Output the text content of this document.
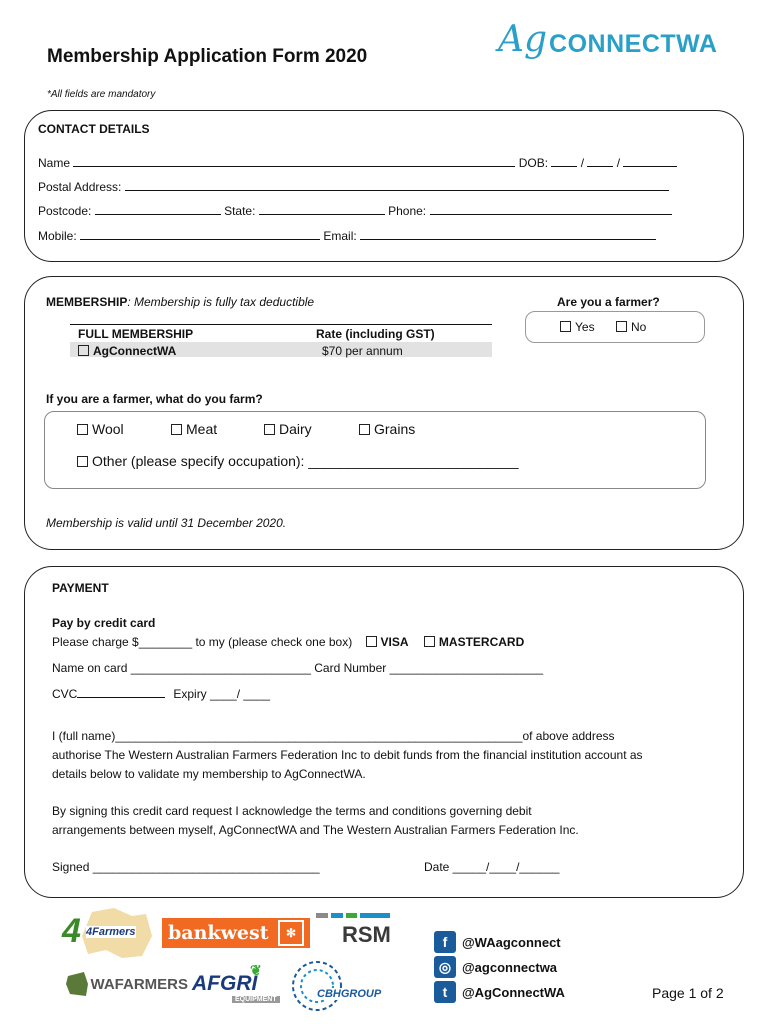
Membership Application Form 2020
*All fields are mandatory
Ag CONNECTWA
CONTACT DETAILS
Name	DOB:	/	/
Postal Address:
Postcode:	State:	Phone:
Mobile:	Email:
MEMBERSHIP: Membership is fully tax deductible	Are you a farmer?
Yes	No
FULL MEMBERSHIP	Rate (including GST)
AgConnectWA	$70 per annum
If you are a farmer, what do you farm?
Wool	Meat	Dairy	Grains
Other (please specify occupation): ___________________________
Membership is valid until 31 December 2020.
PAYMENT
Pay by credit card
Please charge $________ to my (please check one box) VISA	MASTERCARD
Name on card ___________________________ Card Number _______________________
CVC	Expiry ____/ ____
I (full name)_____________________________________________________________of above address
authorise The Western Australian Farmers Federation Inc to debit funds from the financial institution account as
details below to validate my membership to AgConnectWA.
By signing this credit card request I acknowledge the terms and conditions governing debit
arrangements between myself, AgConnectWA and The Western Australian Farmers Federation Inc.
Signed __________________________________	Date _____/____/______
4 4Farmers bankwest	✻	RSM
WAFARMERS
❦
AFGRI
EQUIPMENT	CBHGROUP
f	@WAagconnect
◎ @agconnectwa
t	@AgConnectWA	Page 1 of 2
